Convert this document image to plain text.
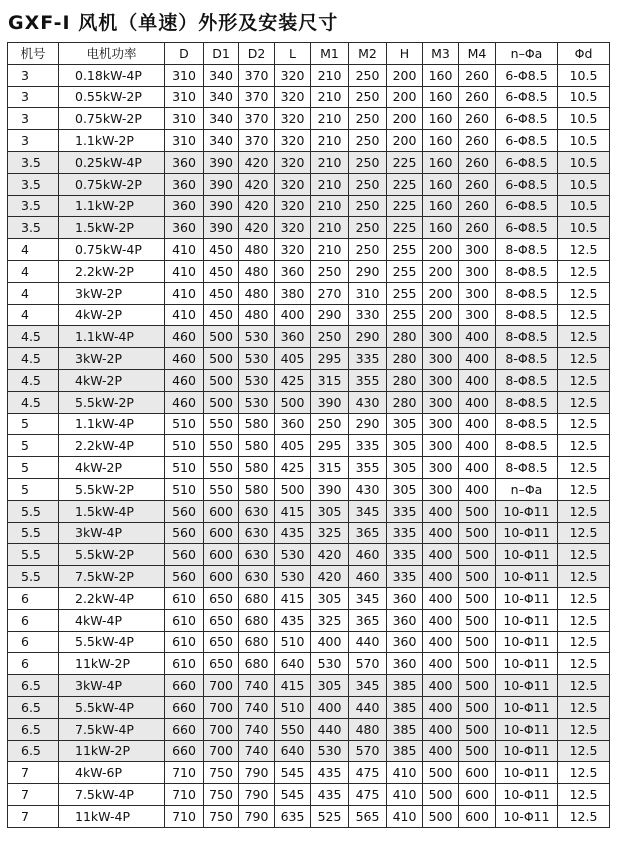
GXF-I 风机（单速）外形及安装尺寸
机号	电机功率	D	D1	D2	L	M1	M2	H	M3	M4	n–Φa	Φd
3	0.18kW-4P	310	340	370	320	210	250	200	160	260	6-Φ8.5	10.5
3	0.55kW-2P	310	340	370	320	210	250	200	160	260	6-Φ8.5	10.5
3	0.75kW-2P	310	340	370	320	210	250	200	160	260	6-Φ8.5	10.5
3	1.1kW-2P	310	340	370	320	210	250	200	160	260	6-Φ8.5	10.5
3.5	0.25kW-4P	360	390	420	320	210	250	225	160	260	6-Φ8.5	10.5
3.5	0.75kW-2P	360	390	420	320	210	250	225	160	260	6-Φ8.5	10.5
3.5	1.1kW-2P	360	390	420	320	210	250	225	160	260	6-Φ8.5	10.5
3.5	1.5kW-2P	360	390	420	320	210	250	225	160	260	6-Φ8.5	10.5
4	0.75kW-4P	410	450	480	320	210	250	255	200	300	8-Φ8.5	12.5
4	2.2kW-2P	410	450	480	360	250	290	255	200	300	8-Φ8.5	12.5
4	3kW-2P	410	450	480	380	270	310	255	200	300	8-Φ8.5	12.5
4	4kW-2P	410	450	480	400	290	330	255	200	300	8-Φ8.5	12.5
4.5	1.1kW-4P	460	500	530	360	250	290	280	300	400	8-Φ8.5	12.5
4.5	3kW-2P	460	500	530	405	295	335	280	300	400	8-Φ8.5	12.5
4.5	4kW-2P	460	500	530	425	315	355	280	300	400	8-Φ8.5	12.5
4.5	5.5kW-2P	460	500	530	500	390	430	280	300	400	8-Φ8.5	12.5
5	1.1kW-4P	510	550	580	360	250	290	305	300	400	8-Φ8.5	12.5
5	2.2kW-4P	510	550	580	405	295	335	305	300	400	8-Φ8.5	12.5
5	4kW-2P	510	550	580	425	315	355	305	300	400	8-Φ8.5	12.5
5	5.5kW-2P	510	550	580	500	390	430	305	300	400	n–Φa	12.5
5.5	1.5kW-4P	560	600	630	415	305	345	335	400	500	10-Φ11	12.5
5.5	3kW-4P	560	600	630	435	325	365	335	400	500	10-Φ11	12.5
5.5	5.5kW-2P	560	600	630	530	420	460	335	400	500	10-Φ11	12.5
5.5	7.5kW-2P	560	600	630	530	420	460	335	400	500	10-Φ11	12.5
6	2.2kW-4P	610	650	680	415	305	345	360	400	500	10-Φ11	12.5
6	4kW-4P	610	650	680	435	325	365	360	400	500	10-Φ11	12.5
6	5.5kW-4P	610	650	680	510	400	440	360	400	500	10-Φ11	12.5
6	11kW-2P	610	650	680	640	530	570	360	400	500	10-Φ11	12.5
6.5	3kW-4P	660	700	740	415	305	345	385	400	500	10-Φ11	12.5
6.5	5.5kW-4P	660	700	740	510	400	440	385	400	500	10-Φ11	12.5
6.5	7.5kW-4P	660	700	740	550	440	480	385	400	500	10-Φ11	12.5
6.5	11kW-2P	660	700	740	640	530	570	385	400	500	10-Φ11	12.5
7	4kW-6P	710	750	790	545	435	475	410	500	600	10-Φ11	12.5
7	7.5kW-4P	710	750	790	545	435	475	410	500	600	10-Φ11	12.5
7	11kW-4P	710	750	790	635	525	565	410	500	600	10-Φ11	12.5
